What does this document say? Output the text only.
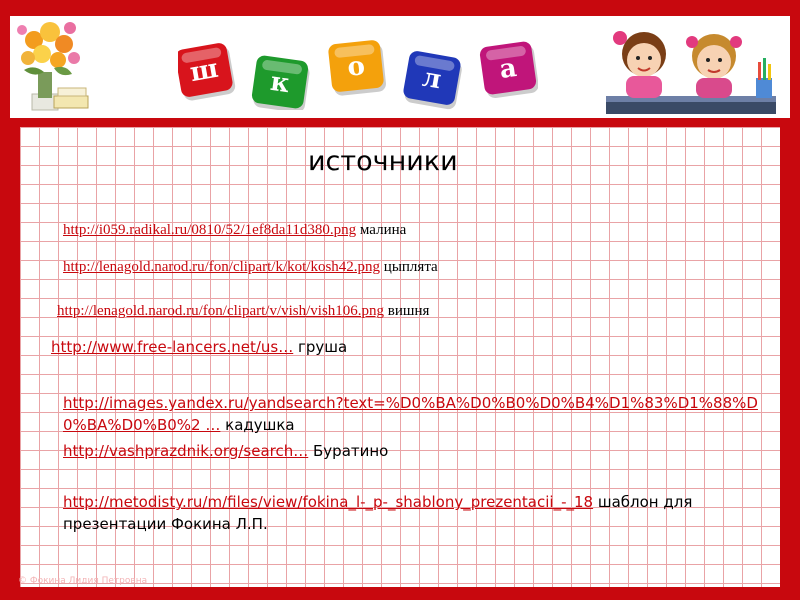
ш к о л а
источники
http://i059.radikal.ru/0810/52/1ef8da11d380.png малина
http://lenagold.narod.ru/fon/clipart/k/kot/kosh42.png цыплята
http://lenagold.narod.ru/fon/clipart/v/vish/vish106.png вишня
http://www.free-lancers.net/us… груша
http://images.yandex.ru/yandsearch?text=%D0%BA%D0%B0%D0%B4%D1%83%D1%88%D0%BA%D0%B0%2 … кадушка
http://vashprazdnik.org/search… Буратино
http://metodisty.ru/m/files/view/fokina_l-_p-_shablony_prezentacii_-_18 шаблон для презентации Фокина Л.П.
© Фокина Лидия Петровна
